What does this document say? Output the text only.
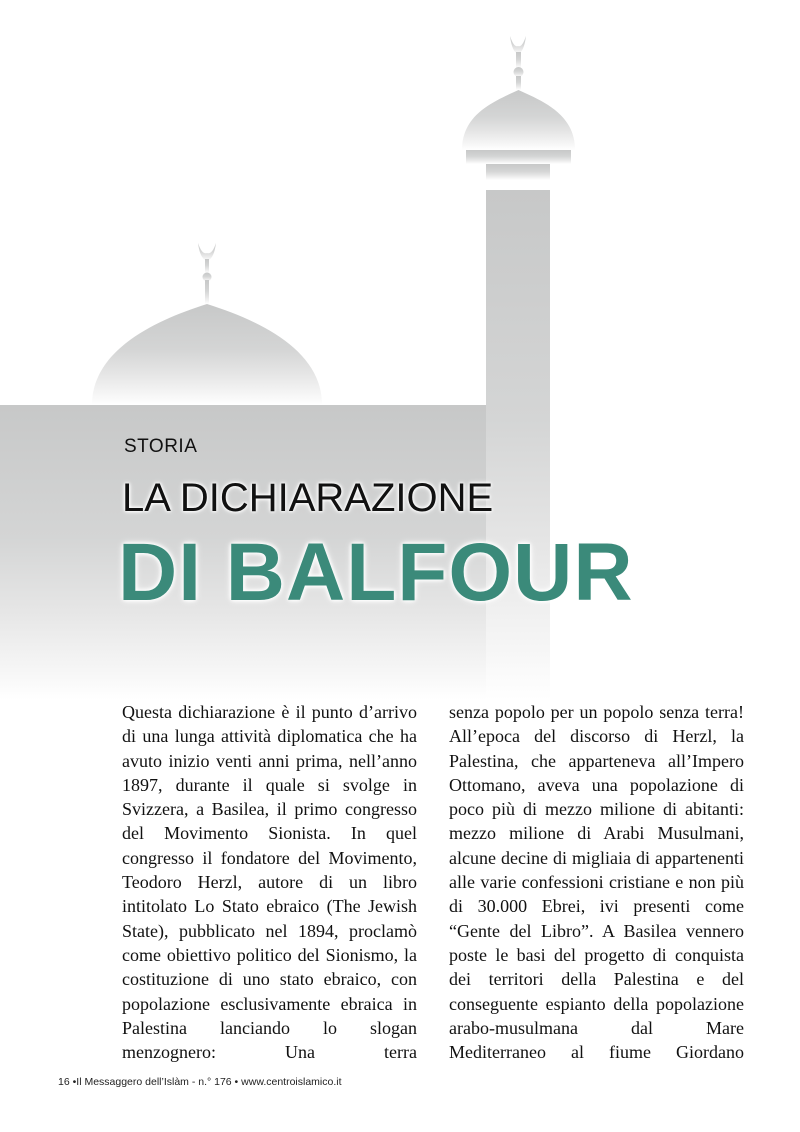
STORIA
LA DICHIARAZIONE
DI BALFOUR

Questa dichiarazione è il punto d’arrivo di una lunga attività diplomatica che ha avuto inizio venti anni prima, nell’anno 1897, durante il quale si svolge in Svizzera, a Basilea, il primo congresso del Movimento Sionista. In quel congresso il fondatore del Movimento, Teodoro Herzl, autore di un libro intitolato Lo Stato ebraico (The Jewish State), pubblicato nel 1894, proclamò come obiettivo politico del Sionismo, la costituzione di uno stato ebraico, con popolazione esclusivamente ebraica in Palestina lanciando lo slogan menzognero: Una terra

senza popolo per un popolo senza terra! All’epoca del discorso di Herzl, la Palestina, che apparteneva all’Impero Ottomano, aveva una popolazione di poco più di mezzo milione di abitanti: mezzo milione di Arabi Musulmani, alcune decine di migliaia di appartenenti alle varie confessioni cristiane e non più di 30.000 Ebrei, ivi presenti come “Gente del Libro”. A Basilea vennero poste le basi del progetto di conquista dei territori della Palestina e del conseguente espianto della popolazione arabo-musulmana dal Mare Mediterraneo al fiume Giordano

16 •Il Messaggero dell’Islàm - n.° 176 • www.centroislamico.it
